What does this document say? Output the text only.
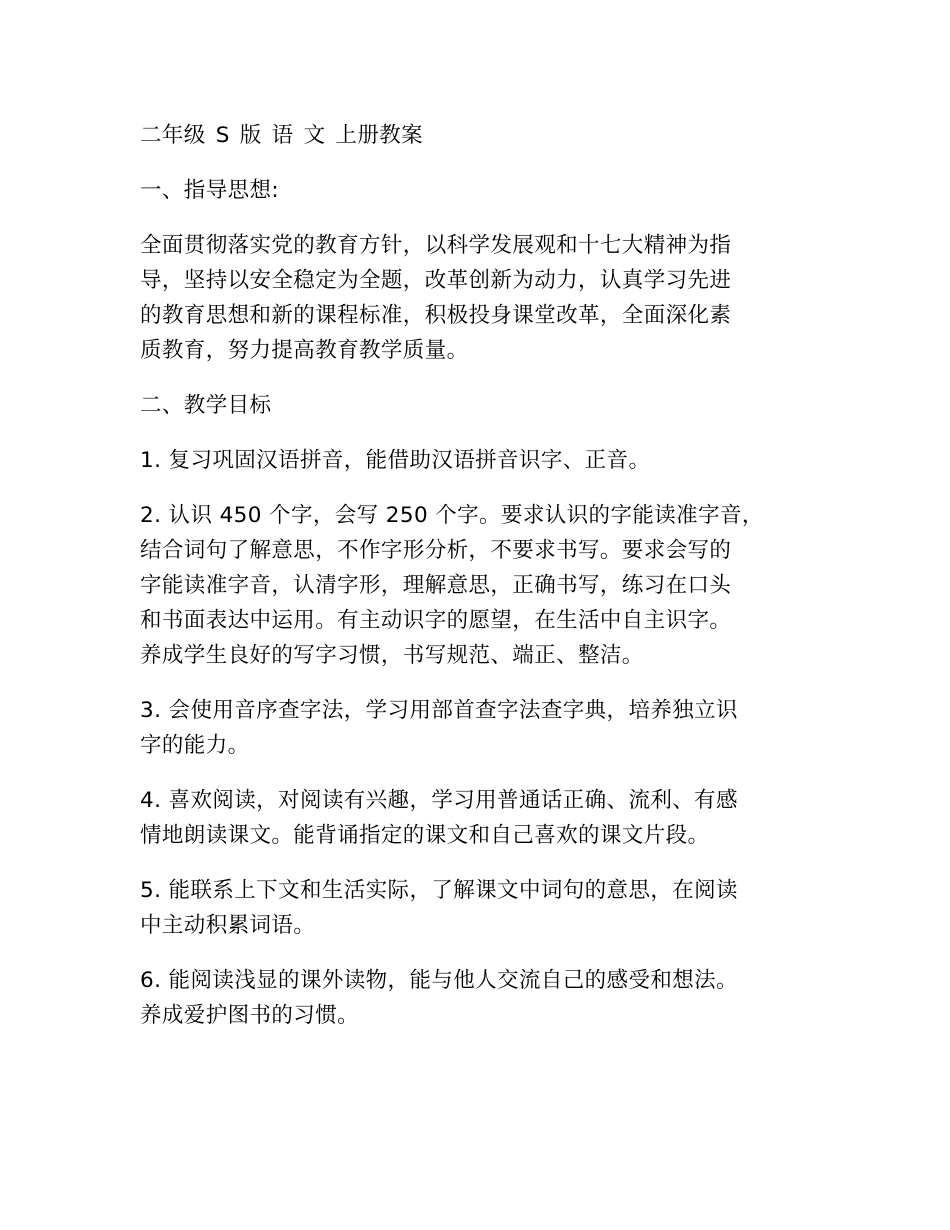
二年级 S 版 语 文 上册教案

一、指导思想:

全面贯彻落实党的教育方针，以科学发展观和十七大精神为指
导，坚持以安全稳定为全题，改革创新为动力，认真学习先进
的教育思想和新的课程标准，积极投身课堂改革，全面深化素
质教育，努力提高教育教学质量。

二、教学目标

1. 复习巩固汉语拼音，能借助汉语拼音识字、正音。
2. 认识 450 个字，会写 250 个字。要求认识的字能读准字音，
结合词句了解意思，不作字形分析，不要求书写。要求会写的
字能读准字音，认清字形，理解意思，正确书写，练习在口头
和书面表达中运用。有主动识字的愿望，在生活中自主识字。
养成学生良好的写字习惯，书写规范、端正、整洁。
3. 会使用音序查字法，学习用部首查字法查字典，培养独立识
字的能力。
4. 喜欢阅读，对阅读有兴趣，学习用普通话正确、流利、有感
情地朗读课文。能背诵指定的课文和自己喜欢的课文片段。
5. 能联系上下文和生活实际，了解课文中词句的意思，在阅读
中主动积累词语。
6. 能阅读浅显的课外读物，能与他人交流自己的感受和想法。
养成爱护图书的习惯。
